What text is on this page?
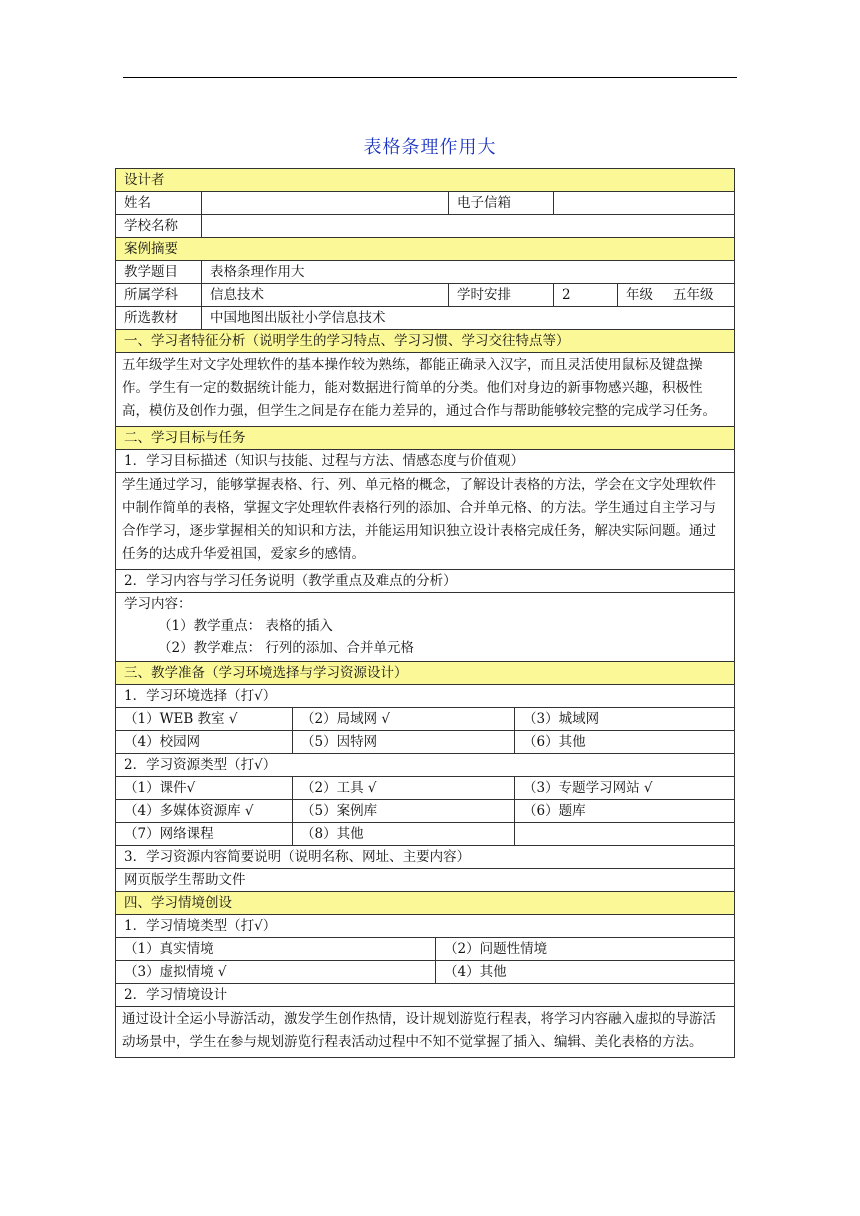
表格条理作用大
设计者				
姓名		电子信箱		
学校名称				
案例摘要				
教学题目	表格条理作用大			
所属学科	信息技术	学时安排	2	年级 五年级
所选教材	中国地图出版社小学信息技术			
一、学习者特征分析（说明学生的学习特点、学习习惯、学习交往特点等）				
五年级学生对文字处理软件的基本操作较为熟练，都能正确录入汉字，而且灵活使用鼠标及键盘操作。学生有一定的数据统计能力，能对数据进行简单的分类。他们对身边的新事物感兴趣，积极性高，模仿及创作力强，但学生之间是存在能力差异的，通过合作与帮助能够较完整的完成学习任务。				
二、学习目标与任务				
1．学习目标描述（知识与技能、过程与方法、情感态度与价值观）				
学生通过学习，能够掌握表格、行、列、单元格的概念，了解设计表格的方法，学会在文字处理软件中制作简单的表格，掌握文字处理软件表格行列的添加、合并单元格、的方法。学生通过自主学习与合作学习，逐步掌握相关的知识和方法，并能运用知识独立设计表格完成任务，解决实际问题。通过任务的达成升华爱祖国，爱家乡的感情。				
2．学习内容与学习任务说明（教学重点及难点的分析）				

学习内容：
（1）教学重点： 表格的插入
（2）教学难点： 行列的添加、合并单元格				

三、教学准备（学习环境选择与学习资源设计）				
1．学习环境选择（打√）				
（1）WEB 教室 √	（2）局域网 √	（3）城域网
（4）校园网	（5）因特网	（6）其他
2．学习资源类型（打√）		
（1）课件√	（2）工具 √	（3）专题学习网站 √
（4）多媒体资源库 √	（5）案例库	（6）题库
（7）网络课程	（8）其他	
3．学习资源内容简要说明（说明名称、网址、主要内容）		
网页版学生帮助文件		
四、学习情境创设		
1．学习情境类型（打√）		
（1）真实情境	（2）问题性情境
（3）虚拟情境 √	（4）其他
2．学习情境设计	
通过设计全运小导游活动，激发学生创作热情，设计规划游览行程表，将学习内容融入虚拟的导游活动场景中，学生在参与规划游览行程表活动过程中不知不觉掌握了插入、编辑、美化表格的方法。	
